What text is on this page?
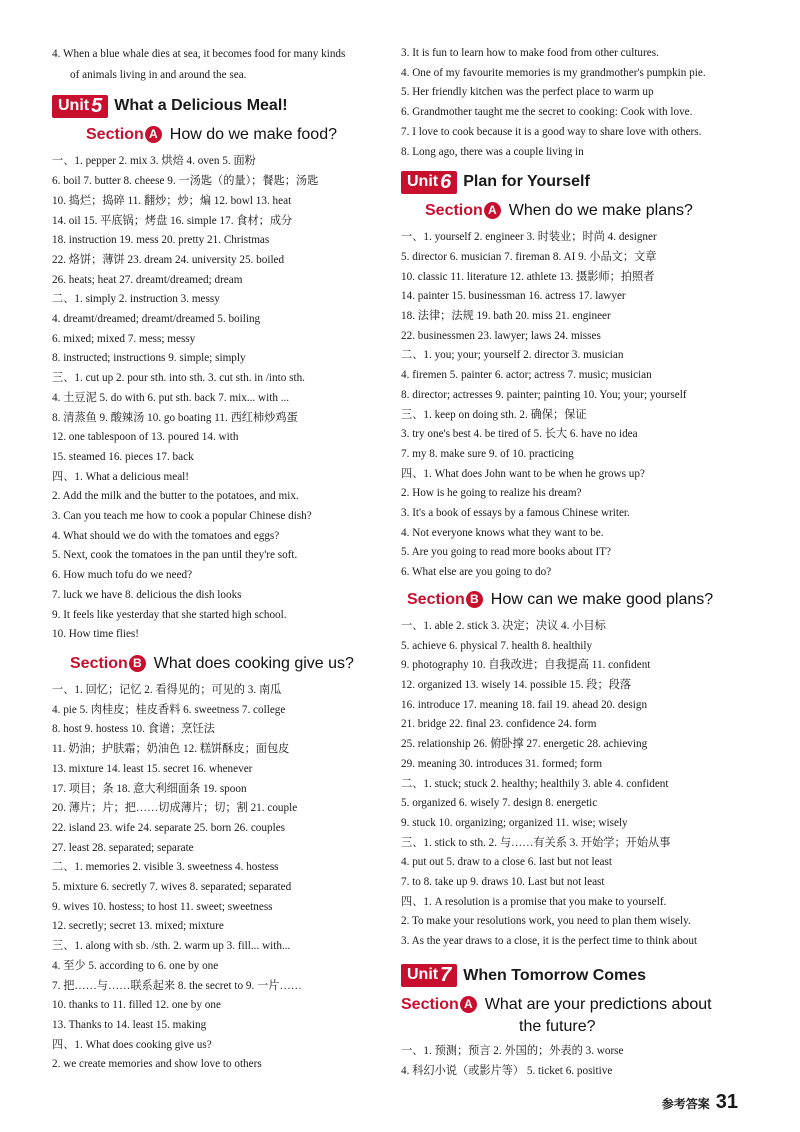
4. When a blue whale dies at sea, it becomes food for many kinds
of animals living in and around the sea.
Unit 5 What a Delicious Meal!
Section A How do we make food?
一、1. pepper 2. mix 3. 烘焙 4. oven 5. 面粉
6. boil 7. butter 8. cheese 9. 一汤匙（的量）；餐匙；汤匙
10. 捣烂；捣碎 11. 翻炒；炒；煸 12. bowl 13. heat
14. oil 15. 平底锅；烤盘 16. simple 17. 食材；成分
18. instruction 19. mess 20. pretty 21. Christmas
22. 烙饼；薄饼 23. dream 24. university 25. boiled
26. heats; heat 27. dreamt/dreamed; dream
二、1. simply 2. instruction 3. messy
4. dreamt/dreamed; dreamt/dreamed 5. boiling
6. mixed; mixed 7. mess; messy
8. instructed; instructions 9. simple; simply
三、1. cut up 2. pour sth. into sth. 3. cut sth. in /into sth.
4. 土豆泥 5. do with 6. put sth. back 7. mix... with ...
8. 清蒸鱼 9. 酸辣汤 10. go boating 11. 西红柿炒鸡蛋
12. one tablespoon of 13. poured 14. with
15. steamed 16. pieces 17. back
四、1. What a delicious meal!
2. Add the milk and the butter to the potatoes, and mix.
3. Can you teach me how to cook a popular Chinese dish?
4. What should we do with the tomatoes and eggs?
5. Next, cook the tomatoes in the pan until they're soft.
6. How much tofu do we need?
7. luck we have 8. delicious the dish looks
9. It feels like yesterday that she started high school.
10. How time flies!
Section B What does cooking give us?
一、1. 回忆；记忆 2. 看得见的；可见的 3. 南瓜
4. pie 5. 肉桂皮；桂皮香料 6. sweetness 7. college
8. host 9. hostess 10. 食谱；烹饪法
11. 奶油；护肤霜；奶油色 12. 糕饼酥皮；面包皮
13. mixture 14. least 15. secret 16. whenever
17. 项目；条 18. 意大利细面条 19. spoon
20. 薄片；片；把……切成薄片；切；割 21. couple
22. island 23. wife 24. separate 25. born 26. couples
27. least 28. separated; separate
二、1. memories 2. visible 3. sweetness 4. hostess
5. mixture 6. secretly 7. wives 8. separated; separated
9. wives 10. hostess; to host 11. sweet; sweetness
12. secretly; secret 13. mixed; mixture
三、1. along with sb. /sth. 2. warm up 3. fill... with...
4. 至少 5. according to 6. one by one
7. 把……与……联系起来 8. the secret to 9. 一片……
10. thanks to 11. filled 12. one by one
13. Thanks to 14. least 15. making
四、1. What does cooking give us?
2. we create memories and show love to others
3. It is fun to learn how to make food from other cultures.
4. One of my favourite memories is my grandmother's pumpkin pie.
5. Her friendly kitchen was the perfect place to warm up
6. Grandmother taught me the secret to cooking: Cook with love.
7. I love to cook because it is a good way to share love with others.
8. Long ago, there was a couple living in
Unit 6 Plan for Yourself
Section A When do we make plans?
一、1. yourself 2. engineer 3. 时装业；时尚 4. designer
5. director 6. musician 7. fireman 8. AI 9. 小品文；文章
10. classic 11. literature 12. athlete 13. 摄影师；拍照者
14. painter 15. businessman 16. actress 17. lawyer
18. 法律；法规 19. bath 20. miss 21. engineer
22. businessmen 23. lawyer; laws 24. misses
二、1. you; your; yourself 2. director 3. musician
4. firemen 5. painter 6. actor; actress 7. music; musician
8. director; actresses 9. painter; painting 10. You; your; yourself
三、1. keep on doing sth. 2. 确保；保证
3. try one's best 4. be tired of 5. 长大 6. have no idea
7. my 8. make sure 9. of 10. practicing
四、1. What does John want to be when he grows up?
2. How is he going to realize his dream?
3. It's a book of essays by a famous Chinese writer.
4. Not everyone knows what they want to be.
5. Are you going to read more books about IT?
6. What else are you going to do?
Section B How can we make good plans?
一、1. able 2. stick 3. 决定；决议 4. 小目标
5. achieve 6. physical 7. health 8. healthily
9. photography 10. 自我改进；自我提高 11. confident
12. organized 13. wisely 14. possible 15. 段；段落
16. introduce 17. meaning 18. fail 19. ahead 20. design
21. bridge 22. final 23. confidence 24. form
25. relationship 26. 俯卧撑 27. energetic 28. achieving
29. meaning 30. introduces 31. formed; form
二、1. stuck; stuck 2. healthy; healthily 3. able 4. confident
5. organized 6. wisely 7. design 8. energetic
9. stuck 10. organizing; organized 11. wise; wisely
三、1. stick to sth. 2. 与……有关系 3. 开始学；开始从事
4. put out 5. draw to a close 6. last but not least
7. to 8. take up 9. draws 10. Last but not least
四、1. A resolution is a promise that you make to yourself.
2. To make your resolutions work, you need to plan them wisely.
3. As the year draws to a close, it is the perfect time to think about
Unit 7 When Tomorrow Comes
Section A What are your predictions about
the future?
一、1. 预测；预言 2. 外国的；外表的 3. worse
4. 科幻小说（或影片等） 5. ticket 6. positive
参考答案 31
